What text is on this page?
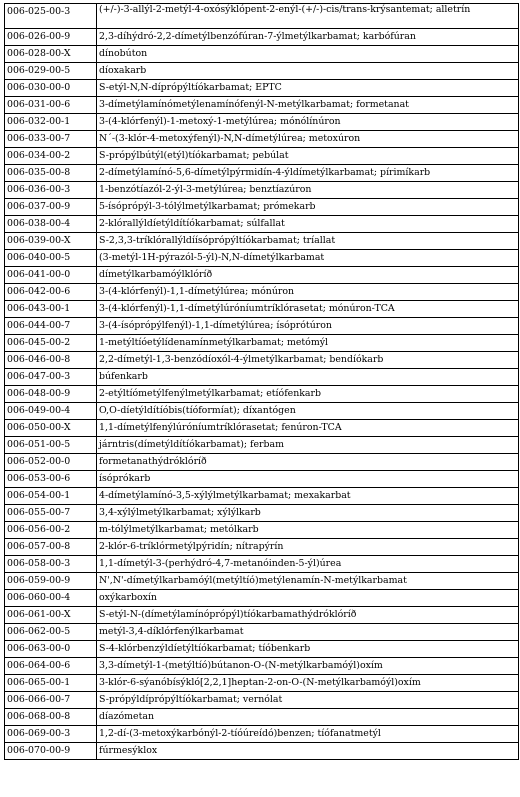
006-025-00-3	(+/-)-3-allýl-2-metýl-4-oxósýklópent-2-enýl-(+/-)-cis/trans-krýsantemat; alletrín
006-026-00-9	2,3-díhýdró-2,2-dímetýlbenzófúran-7-ýlmetýlkarbamat; karbófúran
006-028-00-X	dínobúton
006-029-00-5	díoxakarb
006-030-00-0	S-etýl-N,N-díprópýltíókarbamat; EPTC
006-031-00-6	3-dímetýlamínómetýlenamínófenýl-N-metýlkarbamat; formetanat
006-032-00-1	3-(4-klórfenýl)-1-metoxý-1-metýlúrea; mónólínúron
006-033-00-7	N´-(3-klór-4-metoxýfenýl)-N,N-dímetýlúrea; metoxúron
006-034-00-2	S-própýlbútýl(etýl)tíókarbamat; pebúlat
006-035-00-8	2-dímetýlamínó-5,6-dímetýlpýrmidín-4-ýldímetýlkarbamat; pírimíkarb
006-036-00-3	1-benzótíazól-2-ýl-3-metýlúrea; benztíazúron
006-037-00-9	5-ísóprópýl-3-tólýlmetýlkarbamat; prómekarb
006-038-00-4	2-klórallýldíetýldítíókarbamat; súlfallat
006-039-00-X	S-2,3,3-tríklórallýldíísóprópýltíókarbamat; tríallat
006-040-00-5	(3-metýl-1H-pýrazól-5-ýl)-N,N-dímetýlkarbamat
006-041-00-0	dímetýlkarbamóýlklóríð
006-042-00-6	3-(4-klórfenýl)-1,1-dímetýlúrea; mónúron
006-043-00-1	3-(4-klórfenýl)-1,1-dímetýlúróníumtríklórasetat; mónúron-TCA
006-044-00-7	3-(4-ísóprópýlfenýl)-1,1-dímetýlúrea; ísóprótúron
006-045-00-2	1-metýltíóetýlídenamínmetýlkarbamat; metómýl
006-046-00-8	2,2-dímetýl-1,3-benzódíoxól-4-ýlmetýlkarbamat; bendíókarb
006-047-00-3	búfenkarb
006-048-00-9	2-etýltíómetýlfenýlmetýlkarbamat; etíófenkarb
006-049-00-4	O,O-díetýldítíóbis(tíóformíat); díxantógen
006-050-00-X	1,1-dímetýlfenýlúróníumtríklórasetat; fenúron-TCA
006-051-00-5	járntris(dímetýldítíókarbamat); ferbam
006-052-00-0	formetanathýdróklóríð
006-053-00-6	ísóprókarb
006-054-00-1	4-dímetýlamínó-3,5-xýlýlmetýlkarbamat; mexakarbat
006-055-00-7	3,4-xýlýlmetýlkarbamat; xýlýlkarb
006-056-00-2	m-tólýlmetýlkarbamat; metólkarb
006-057-00-8	2-klór-6-tríklórmetýlpýridín; nítrapýrín
006-058-00-3	1,1-dímetýl-3-(perhýdró-4,7-metanóinden-5-ýl)úrea
006-059-00-9	N',N'-dímetýlkarbamóýl(metýltíó)metýlenamín-N-metýlkarbamat
006-060-00-4	oxýkarboxín
006-061-00-X	S-etýl-N-(dímetýlamínóprópýl)tíókarbamathýdróklóríð
006-062-00-5	metýl-3,4-díklórfenýlkarbamat
006-063-00-0	S-4-klórbenzýldíetýltíókarbamat; tíóbenkarb
006-064-00-6	3,3-dímetýl-1-(metýltíó)bútanon-O-(N-metýlkarbamóýl)oxím
006-065-00-1	3-klór-6-sýanóbísýkló[2,2,1]heptan-2-on-O-(N-metýlkarbamóýl)oxím
006-066-00-7	S-própýldíprópýltíókarbamat; vernólat
006-068-00-8	díazómetan
006-069-00-3	1,2-dí-(3-metoxýkarbónýl-2-tíóúreídó)benzen; tíófanatmetýl
006-070-00-9	fúrmesýklox
